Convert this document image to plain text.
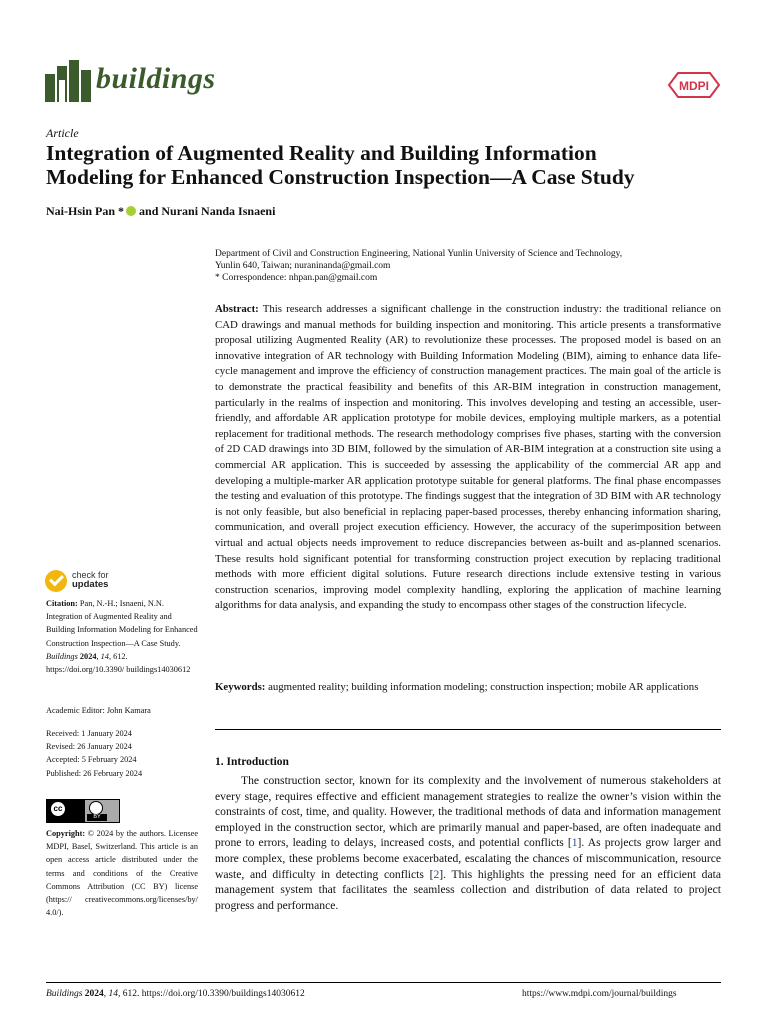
buildings	MDPI
Article
Integration of Augmented Reality and Building Information
Modeling for Enhanced Construction Inspection—A Case Study
Nai-Hsin Pan * and Nurani Nanda Isnaeni
Department of Civil and Construction Engineering, National Yunlin University of Science and Technology,
Yunlin 640, Taiwan; nuraninanda@gmail.com
* Correspondence: nhpan.pan@gmail.com
Abstract: This research addresses a significant challenge in the construction industry: the traditional reliance on CAD drawings and manual methods for building inspection and monitoring. This article presents a transformative proposal utilizing Augmented Reality (AR) to revolutionize these processes. The proposed model is based on an innovative integration of AR technology with Building Information Modeling (BIM), aiming to enhance data life-cycle management and improve the efficiency of construction management practices. The main goal of the article is to demonstrate the practical feasibility and benefits of this AR-BIM integration in construction management, particularly in the realms of inspection and monitoring. This involves developing and testing an accessible, user-friendly, and affordable AR application prototype for mobile devices, employing multiple markers, as a potential replacement for traditional methods. The research methodology comprises five phases, starting with the conversion of 2D CAD drawings into 3D BIM, followed by the simulation of AR-BIM integration at a construction site using a commercial AR application. This is succeeded by assessing the applicability of the commercial AR app and developing a multiple-marker AR application prototype suitable for general platforms. The final phase encompasses the testing and evaluation of this prototype. The findings suggest that the integration of 3D BIM with AR technology is not only feasible, but also beneficial in replacing paper-based processes, thereby enhancing information sharing, communication, and overall project execution efficiency. However, the accuracy of the superimposition between virtual and actual objects needs improvement to reduce discrepancies between as-built and as-planned scenarios. These results hold significant potential for transforming construction project execution by replacing traditional methods with more efficient digital solutions. Future research directions include extensive testing in various construction scenarios, improving model complexity handling, exploring the application of machine learning algorithms for data analysis, and expanding the study to encompass other stages of the construction lifecycle.
Keywords: augmented reality; building information modeling; construction inspection; mobile AR applications
1. Introduction
The construction sector, known for its complexity and the involvement of numerous stakeholders at every stage, requires effective and efficient management strategies to realize the owner’s vision within the constraints of cost, time, and quality. However, the traditional methods of data and information management employed in the construction sector, which are primarily manual and paper-based, are often inadequate and prone to errors, leading to delays, increased costs, and potential conflicts [1]. As projects grow larger and more complex, these problems become exacerbated, escalating the chances of miscommunication, resource waste, and difficulty in detecting conflicts [2]. This highlights the pressing need for an efficient data management system that facilitates the seamless collection and distribution of data related to project progress and performance.
check for
updates
Citation: Pan, N.-H.; Isnaeni, N.N. Integration of Augmented Reality and Building Information Modeling for Enhanced Construction Inspection—A Case Study. Buildings 2024, 14, 612. https://doi.org/10.3390/ buildings14030612
Academic Editor: John Kamara
Received: 1 January 2024
Revised: 26 January 2024
Accepted: 5 February 2024
Published: 26 February 2024
cc
BY
Copyright: © 2024 by the authors. Licensee MDPI, Basel, Switzerland. This article is an open access article distributed under the terms and conditions of the Creative Commons Attribution (CC BY) license (https:// creativecommons.org/licenses/by/ 4.0/).
Buildings 2024, 14, 612. https://doi.org/10.3390/buildings14030612	https://www.mdpi.com/journal/buildings
